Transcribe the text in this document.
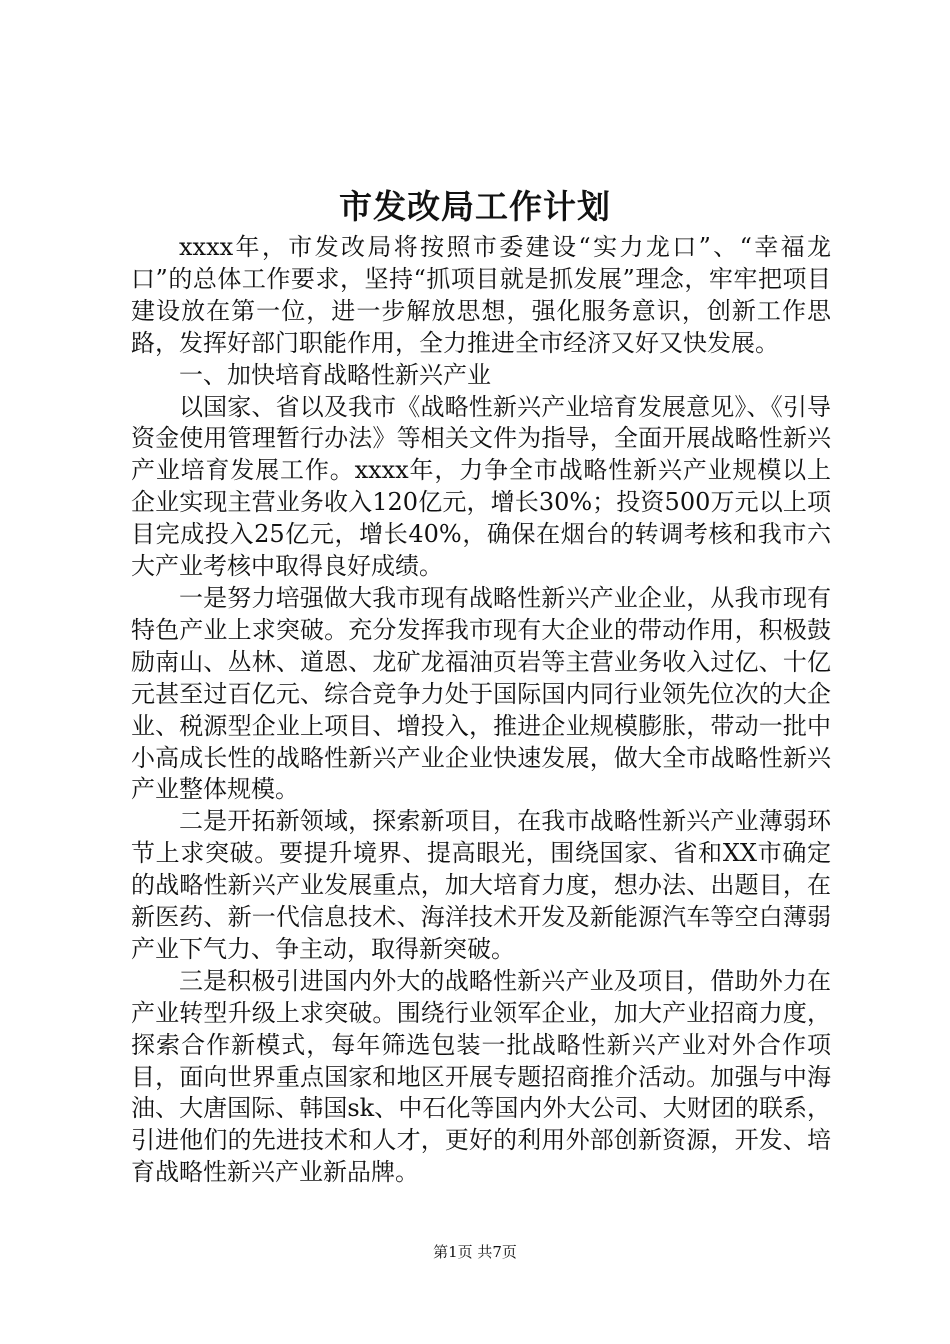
市发改局工作计划

xxxx年，市发改局将按照市委建设“实力龙口”、“幸福龙口”的总体工作要求，坚持“抓项目就是抓发展”理念，牢牢把项目建设放在第一位，进一步解放思想，强化服务意识，创新工作思路，发挥好部门职能作用，全力推进全市经济又好又快发展。

一、加快培育战略性新兴产业

以国家、省以及我市《战略性新兴产业培育发展意见》、《引导资金使用管理暂行办法》等相关文件为指导，全面开展战略性新兴产业培育发展工作。xxxx年，力争全市战略性新兴产业规模以上企业实现主营业务收入120亿元，增长30%；投资500万元以上项目完成投入25亿元，增长40%，确保在烟台的转调考核和我市六大产业考核中取得良好成绩。

一是努力培强做大我市现有战略性新兴产业企业，从我市现有特色产业上求突破。充分发挥我市现有大企业的带动作用，积极鼓励南山、丛林、道恩、龙矿龙福油页岩等主营业务收入过亿、十亿元甚至过百亿元、综合竞争力处于国际国内同行业领先位次的大企业、税源型企业上项目、增投入，推进企业规模膨胀，带动一批中小高成长性的战略性新兴产业企业快速发展，做大全市战略性新兴产业整体规模。

二是开拓新领域，探索新项目，在我市战略性新兴产业薄弱环节上求突破。要提升境界、提高眼光，围绕国家、省和XX市确定的战略性新兴产业发展重点，加大培育力度，想办法、出题目，在新医药、新一代信息技术、海洋技术开发及新能源汽车等空白薄弱产业下气力、争主动，取得新突破。

三是积极引进国内外大的战略性新兴产业及项目，借助外力在产业转型升级上求突破。围绕行业领军企业，加大产业招商力度，探索合作新模式，每年筛选包装一批战略性新兴产业对外合作项目，面向世界重点国家和地区开展专题招商推介活动。加强与中海油、大唐国际、韩国sk、中石化等国内外大公司、大财团的联系，引进他们的先进技术和人才，更好的利用外部创新资源，开发、培育战略性新兴产业新品牌。

第1页 共7页
